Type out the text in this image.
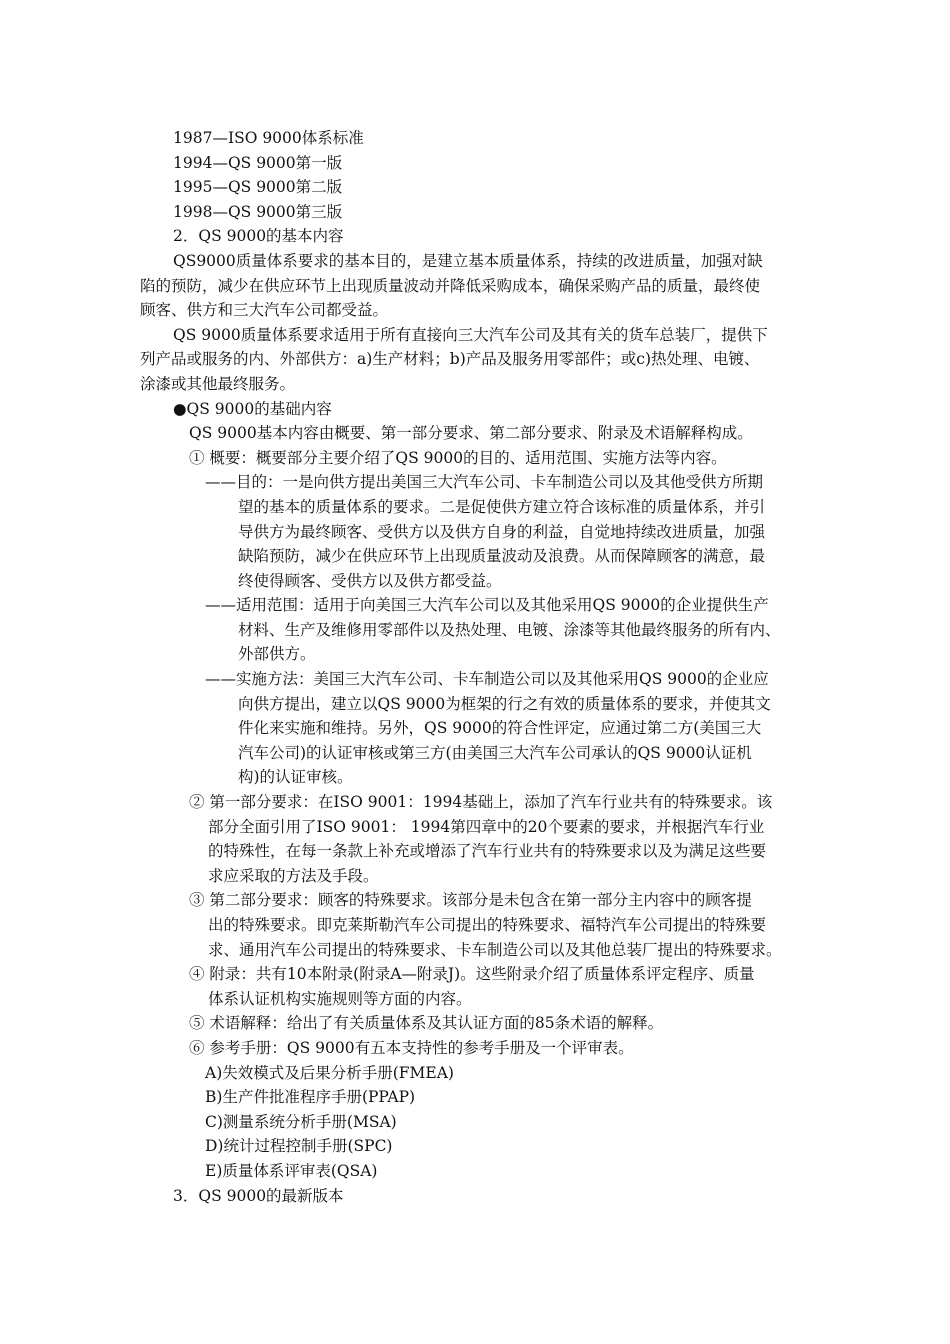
1987—ISO 9000体系标准
1994—QS 9000第一版
1995—QS 9000第二版
1998—QS 9000第三版
2．QS 9000的基本内容
QS9000质量体系要求的基本目的，是建立基本质量体系，持续的改进质量，加强对缺
陷的预防，减少在供应环节上出现质量波动并降低采购成本，确保采购产品的质量，最终使
顾客、供方和三大汽车公司都受益。
QS 9000质量体系要求适用于所有直接向三大汽车公司及其有关的货车总装厂，提供下
列产品或服务的内、外部供方：a)生产材料；b)产品及服务用零部件；或c)热处理、电镀、
涂漆或其他最终服务。
●QS 9000的基础内容
QS 9000基本内容由概要、第一部分要求、第二部分要求、附录及术语解释构成。
① 概要：概要部分主要介绍了QS 9000的目的、适用范围、实施方法等内容。
——目的：一是向供方提出美国三大汽车公司、卡车制造公司以及其他受供方所期
望的基本的质量体系的要求。二是促使供方建立符合该标准的质量体系，并引
导供方为最终顾客、受供方以及供方自身的利益，自觉地持续改进质量，加强
缺陷预防，减少在供应环节上出现质量波动及浪费。从而保障顾客的满意，最
终使得顾客、受供方以及供方都受益。
——适用范围：适用于向美国三大汽车公司以及其他采用QS 9000的企业提供生产
材料、生产及维修用零部件以及热处理、电镀、涂漆等其他最终服务的所有内、
外部供方。
——实施方法：美国三大汽车公司、卡车制造公司以及其他采用QS 9000的企业应
向供方提出，建立以QS 9000为框架的行之有效的质量体系的要求，并使其文
件化来实施和维持。另外，QS 9000的符合性评定，应通过第二方(美国三大
汽车公司)的认证审核或第三方(由美国三大汽车公司承认的QS 9000认证机
构)的认证审核。
② 第一部分要求：在ISO 9001：1994基础上，添加了汽车行业共有的特殊要求。该
部分全面引用了ISO 9001： 1994第四章中的20个要素的要求，并根据汽车行业
的特殊性，在每一条款上补充或增添了汽车行业共有的特殊要求以及为满足这些要
求应采取的方法及手段。
③ 第二部分要求：顾客的特殊要求。该部分是未包含在第一部分主内容中的顾客提
出的特殊要求。即克莱斯勒汽车公司提出的特殊要求、福特汽车公司提出的特殊要
求、通用汽车公司提出的特殊要求、卡车制造公司以及其他总装厂提出的特殊要求。
④ 附录：共有10本附录(附录A—附录J)。这些附录介绍了质量体系评定程序、质量
体系认证机构实施规则等方面的内容。
⑤ 术语解释：给出了有关质量体系及其认证方面的85条术语的解释。
⑥ 参考手册：QS 9000有五本支持性的参考手册及一个评审表。
A)失效模式及后果分析手册(FMEA)
B)生产件批准程序手册(PPAP)
C)测量系统分析手册(MSA)
D)统计过程控制手册(SPC)
E)质量体系评审表(QSA)
3．QS 9000的最新版本
